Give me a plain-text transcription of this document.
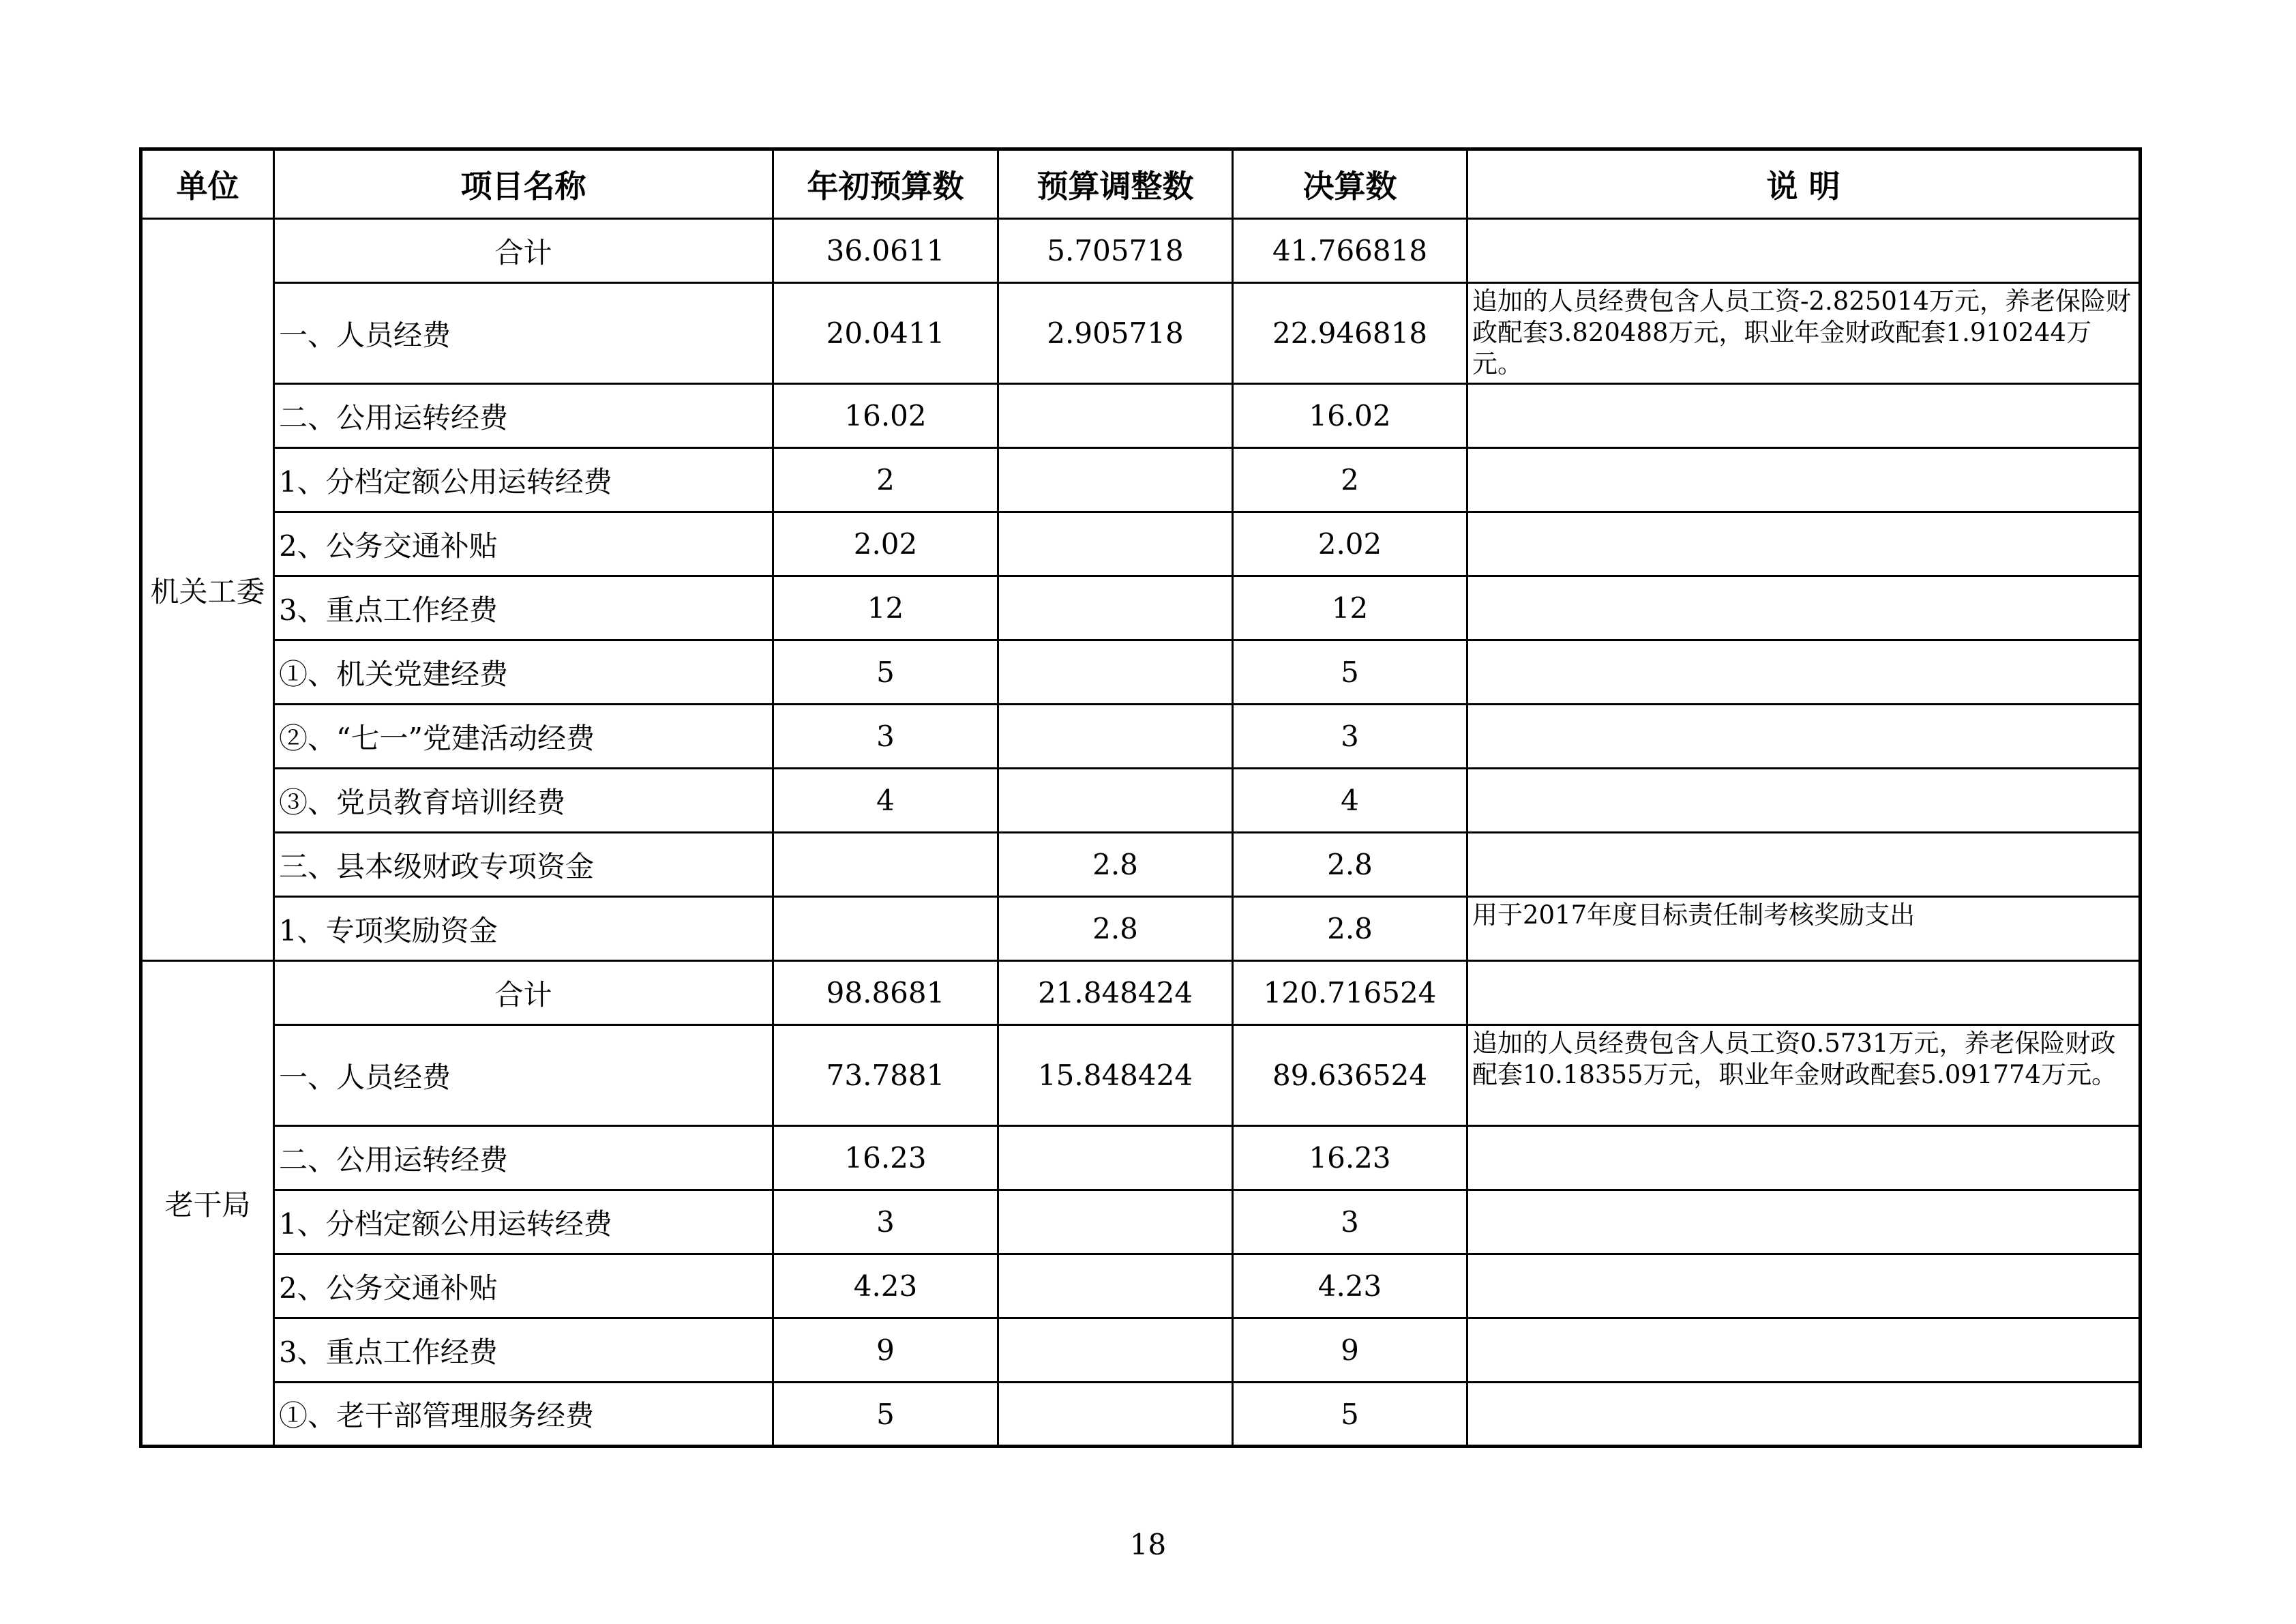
单位	项目名称	年初预算数	预算调整数	决算数	说 明
机关工委	合计	36.0611	5.705718	41.766818	
	一、人员经费	20.0411	2.905718	22.946818	追加的人员经费包含人员工资-2.825014万元，养老保险财政配套3.820488万元，职业年金财政配套1.910244万元。
	二、公用运转经费	16.02		16.02	
	1、分档定额公用运转经费	2		2	
	2、公务交通补贴	2.02		2.02	
	3、重点工作经费	12		12	
	①、机关党建经费	5		5	
	②、“七一”党建活动经费	3		3	
	③、党员教育培训经费	4		4	
	三、县本级财政专项资金		2.8	2.8	
	1、专项奖励资金		2.8	2.8	用于2017年度目标责任制考核奖励支出
老干局	合计	98.8681	21.848424	120.716524	
	一、人员经费	73.7881	15.848424	89.636524	追加的人员经费包含人员工资0.5731万元，养老保险财政配套10.18355万元，职业年金财政配套5.091774万元。
	二、公用运转经费	16.23		16.23	
	1、分档定额公用运转经费	3		3	
	2、公务交通补贴	4.23		4.23	
	3、重点工作经费	9		9	
	①、老干部管理服务经费	5		5	
18
